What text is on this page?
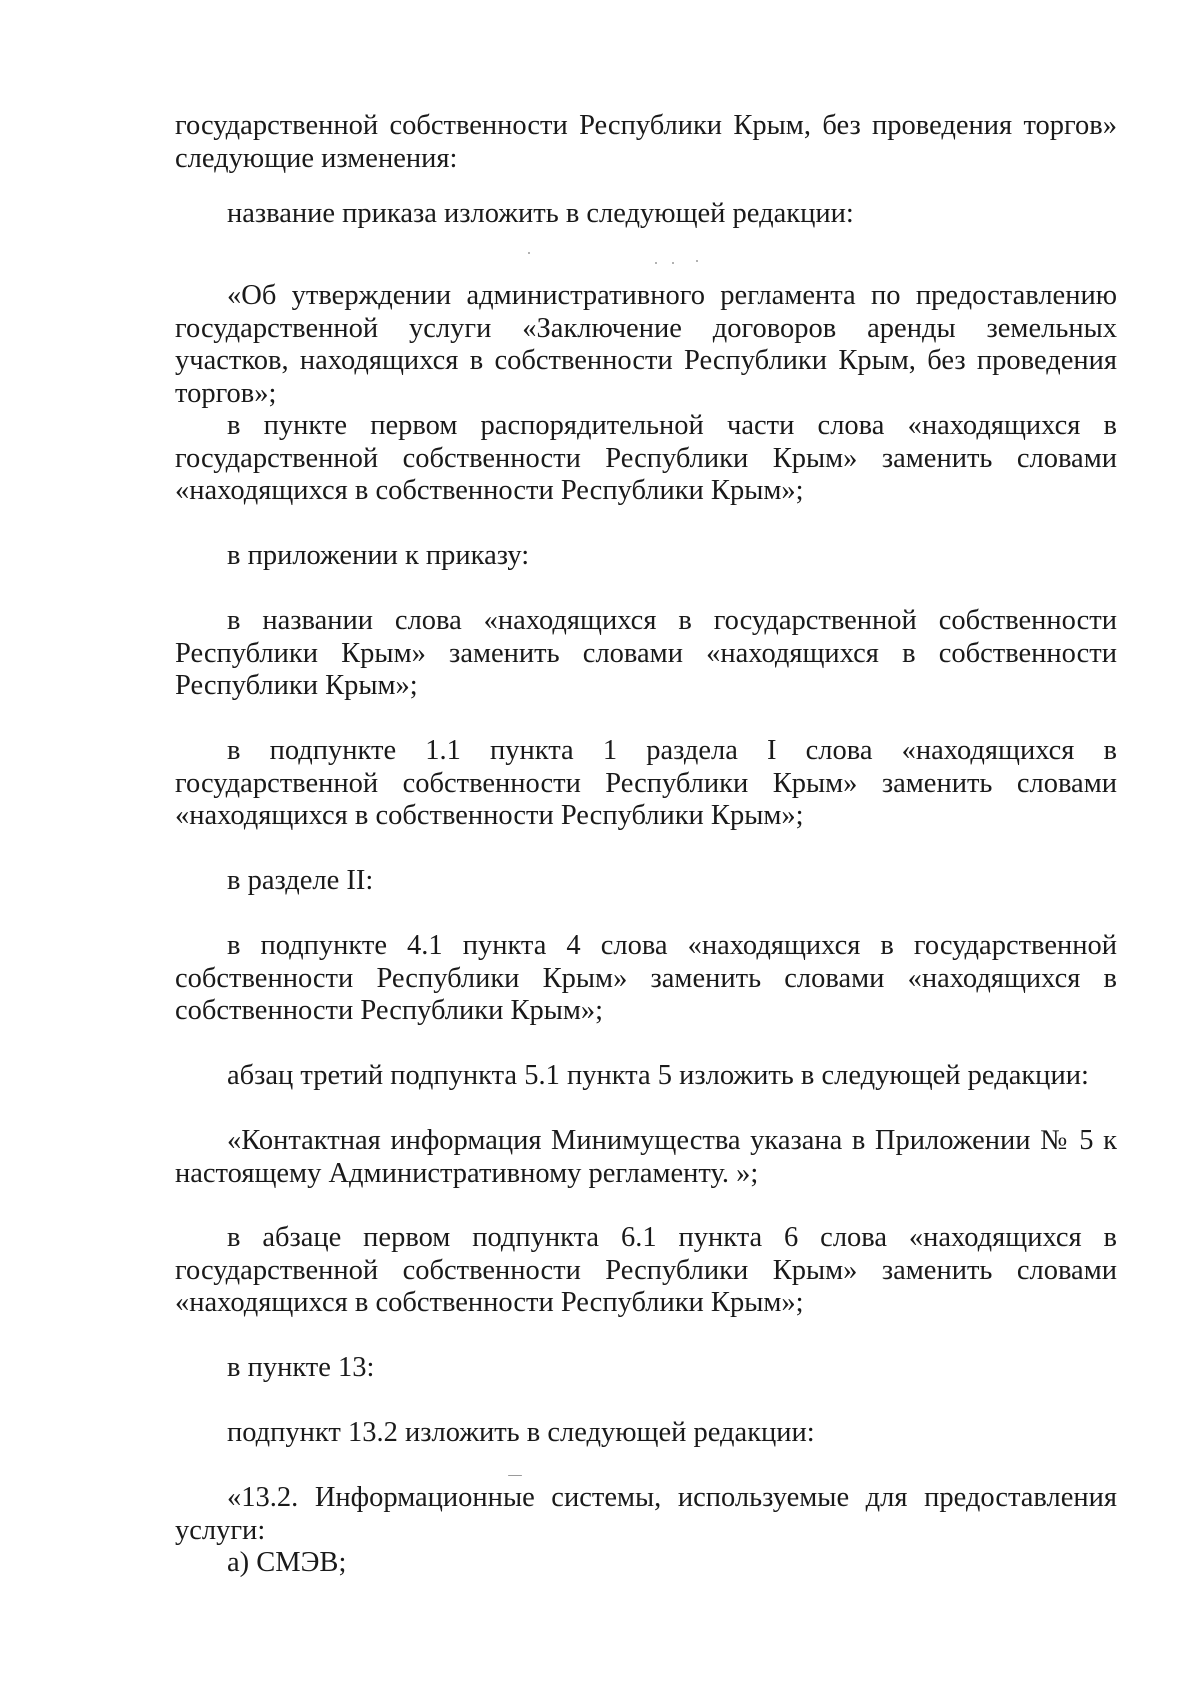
государственной собственности Республики Крым, без проведения торгов» следующие изменения:

название приказа изложить в следующей редакции:

«Об утверждении административного регламента по предоставлению государственной услуги «Заключение договоров аренды земельных участков, находящихся в собственности Республики Крым, без проведения торгов»;

в пункте первом распорядительной части слова «находящихся в государственной собственности Республики Крым» заменить словами «находящихся в собственности Республики Крым»;

в приложении к приказу:

в названии слова «находящихся в государственной собственности Республики Крым» заменить словами «находящихся в собственности Республики Крым»;

в подпункте 1.1 пункта 1 раздела I слова «находящихся в государственной собственности Республики Крым» заменить словами «находящихся в собственности Республики Крым»;

в разделе II:

в подпункте 4.1 пункта 4 слова «находящихся в государственной собственности Республики Крым» заменить словами «находящихся в собственности Республики Крым»;

абзац третий подпункта 5.1 пункта 5 изложить в следующей редакции:

«Контактная информация Минимущества указана в Приложении № 5 к настоящему Административному регламенту. »;

в абзаце первом подпункта 6.1 пункта 6 слова «находящихся в государственной собственности Республики Крым» заменить словами «находящихся в собственности Республики Крым»;

в пункте 13:

подпункт 13.2 изложить в следующей редакции:

«13.2. Информационные системы, используемые для предоставления услуги:

а) СМЭВ;
